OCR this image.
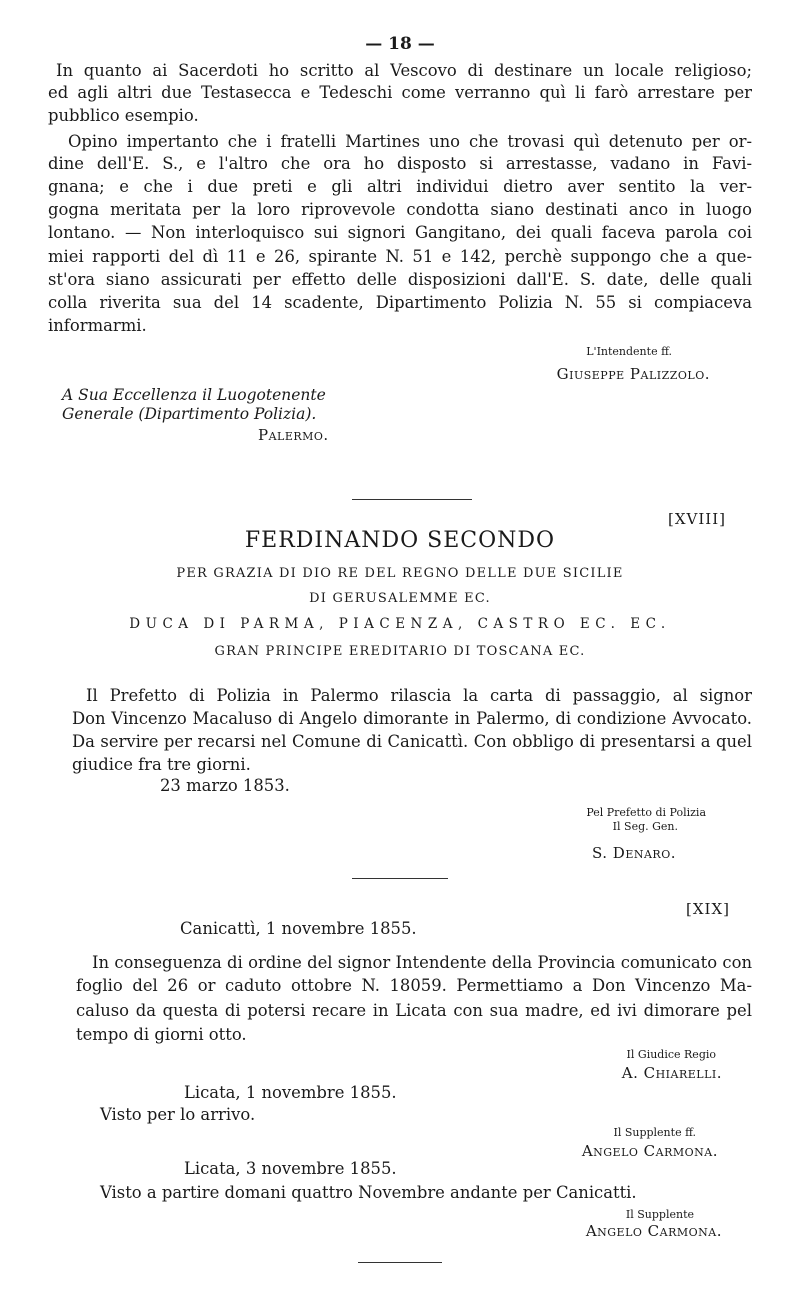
— 18 —
In quanto ai Sacerdoti ho scritto al Vescovo di destinare un locale religioso;
ed agli altri due Testasecca e Tedeschi come verranno quì li farò arrestare per
pubblico esempio.
Opino impertanto che i fratelli Martines uno che trovasi quì detenuto per or-
dine dell'E. S., e l'altro che ora ho disposto si arrestasse, vadano in Favi-
gnana; e che i due preti e gli altri individui dietro aver sentito la ver-
gogna meritata per la loro riprovevole condotta siano destinati anco in luogo
lontano. — Non interloquisco sui signori Gangitano, dei quali faceva parola coi
miei rapporti del dì 11 e 26, spirante N. 51 e 142, perchè suppongo che a que-
st'ora siano assicurati per effetto delle disposizioni dall'E. S. date, delle quali
colla riverita sua del 14 scadente, Dipartimento Polizia N. 55 si compiaceva
informarmi.
L'Intendente ff.
Giuseppe Palizzolo.
A Sua Eccellenza il Luogotenente
Generale (Dipartimento Polizia).
Palermo.
[XVIII]
FERDINANDO SECONDO
PER GRAZIA DI DIO RE DEL REGNO DELLE DUE SICILIE
DI GERUSALEMME EC.
DUCA DI PARMA, PIACENZA, CASTRO EC. EC.
GRAN PRINCIPE EREDITARIO DI TOSCANA EC.
Il Prefetto di Polizia in Palermo rilascia la carta di passaggio, al signor
Don Vincenzo Macaluso di Angelo dimorante in Palermo, di condizione Avvocato.
Da servire per recarsi nel Comune di Canicattì. Con obbligo di presentarsi a quel
giudice fra tre giorni.
23 marzo 1853.
Pel Prefetto di Polizia
Il Seg. Gen.
S. Denaro.
[XIX]
Canicattì, 1 novembre 1855.
In conseguenza di ordine del signor Intendente della Provincia comunicato con
foglio del 26 or caduto ottobre N. 18059. Permettiamo a Don Vincenzo Ma-
caluso da questa di potersi recare in Licata con sua madre, ed ivi dimorare pel
tempo di giorni otto.
Il Giudice Regio
A. Chiarelli.
Licata, 1 novembre 1855.
Visto per lo arrivo.
Il Supplente ff.
Angelo Carmona.
Licata, 3 novembre 1855.
Visto a partire domani quattro Novembre andante per Canicatti.
Il Supplente
Angelo Carmona.
